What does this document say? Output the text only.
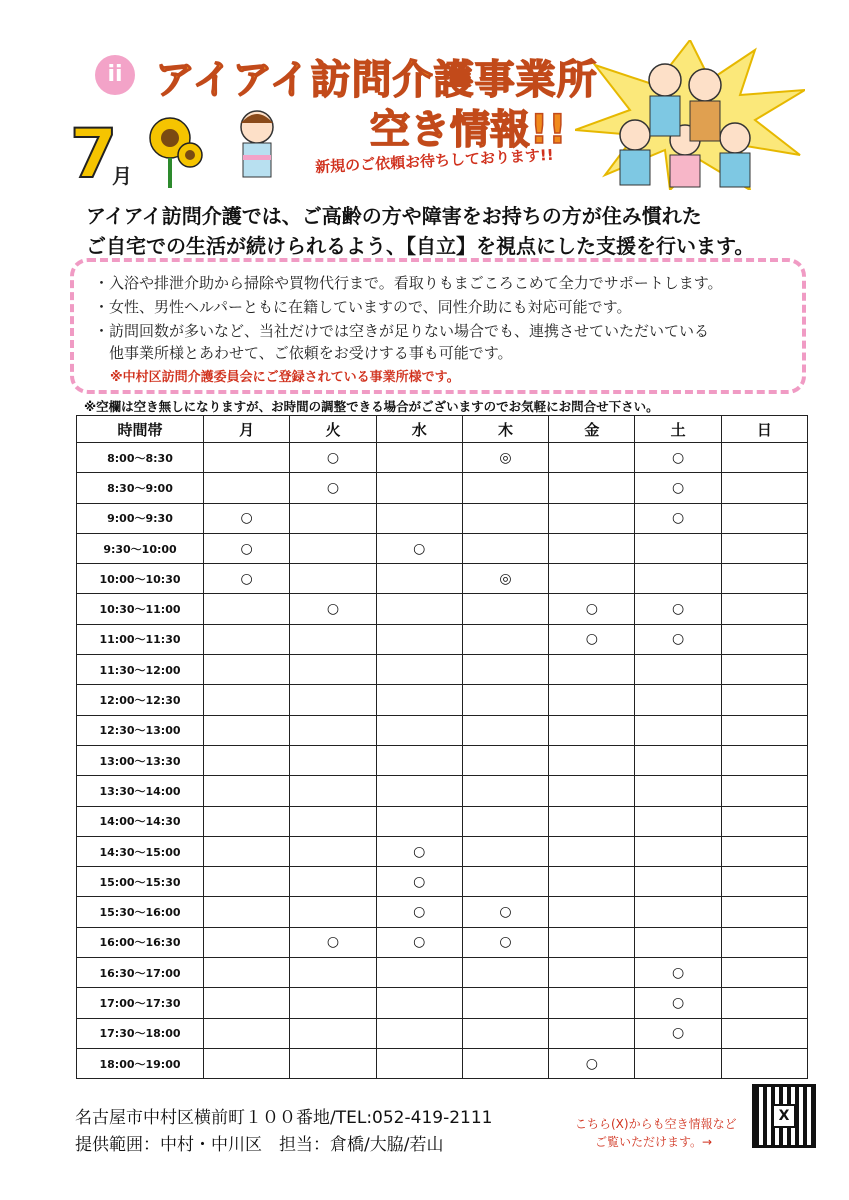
ii アイアイ訪問介護事業所
空き情報!!
7
月	新規のご依頼お待ちしております!!
アイアイ訪問介護では、ご高齢の方や障害をお持ちの方が住み慣れた
ご自宅での生活が続けられるよう、【自立】を視点にした支援を行います。
・入浴や排泄介助から掃除や買物代行まで。看取りもまごころこめて全力でサポートします。
・女性、男性ヘルパーともに在籍していますので、同性介助にも対応可能です。
・訪問回数が多いなど、当社だけでは空きが足りない場合でも、連携させていただいている
　他事業所様とあわせて、ご依頼をお受けする事も可能です。
※中村区訪問介護委員会にご登録されている事業所様です。
※空欄は空き無しになりますが、お時間の調整できる場合がございますのでお気軽にお問合せ下さい。
時間帯	月	火	水	木	金	土	日
8:00～8:30		○		◎		○	
8:30～9:00		○				○	
9:00～9:30	○					○	
9:30～10:00	○		○				
10:00～10:30	○			◎			
10:30～11:00		○			○	○	
11:00～11:30					○	○	
11:30～12:00							
12:00～12:30							
12:30～13:00							
13:00～13:30							
13:30～14:00							
14:00～14:30							
14:30～15:00			○				
15:00～15:30			○				
15:30～16:00			○	○			
16:00～16:30		○	○	○			
16:30～17:00						○	
17:00～17:30						○	
17:30～18:00						○	
18:00～19:00					○		
名古屋市中村区横前町１００番地/TEL:052-419-2111
提供範囲：中村・中川区　担当：倉橋/大脇/若山
こちら(X)からも空き情報など
ご覧いただけます。→
X
